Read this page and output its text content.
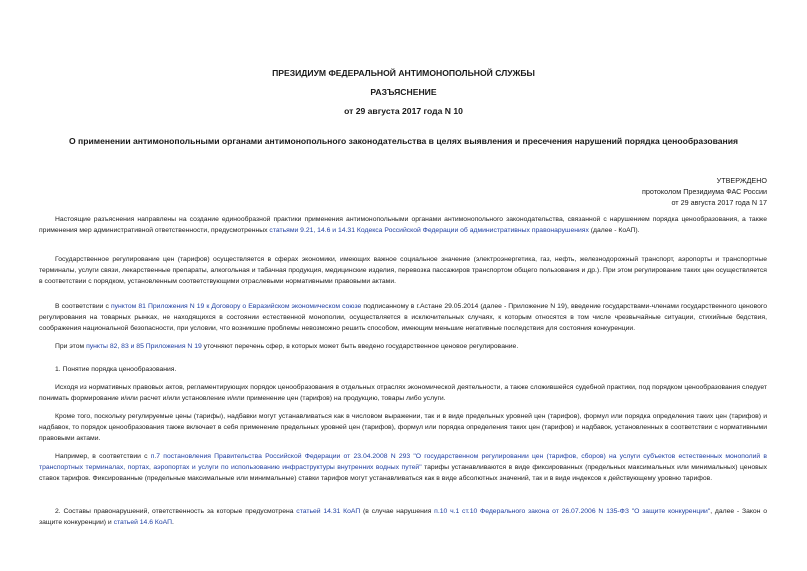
ПРЕЗИДИУМ ФЕДЕРАЛЬНОЙ АНТИМОНОПОЛЬНОЙ СЛУЖБЫ
РАЗЪЯСНЕНИЕ
от 29 августа 2017 года N 10
О применении антимонопольными органами антимонопольного законодательства в целях выявления и пресечения нарушений порядка ценообразования
УТВЕРЖДЕНО
протоколом Президиума ФАС России
от 29 августа 2017 года N 17

Настоящие разъяснения направлены на создание единообразной практики применения антимонопольными органами антимонопольного законодательства, связанной с нарушением порядка ценообразования, а также применения мер административной ответственности, предусмотренных статьями 9.21, 14.6 и 14.31 Кодекса Российской Федерации об административных правонарушениях (далее - КоАП).

Государственное регулирование цен (тарифов) осуществляется в сферах экономики, имеющих важное социальное значение (электроэнергетика, газ, нефть, железнодорожный транспорт, аэропорты и транспортные терминалы, услуги связи, лекарственные препараты, алкогольная и табачная продукция, медицинские изделия, перевозка пассажиров транспортом общего пользования и др.). При этом регулирование таких цен осуществляется в соответствии с порядком, установленным соответствующими отраслевыми нормативными правовыми актами.

В соответствии с пунктом 81 Приложения N 19 к Договору о Евразийском экономическом союзе подписанному в г.Астане 29.05.2014 (далее - Приложение N 19), введение государствами-членами государственного ценового регулирования на товарных рынках, не находящихся в состоянии естественной монополии, осуществляется в исключительных случаях, к которым относятся в том числе чрезвычайные ситуации, стихийные бедствия, соображения национальной безопасности, при условии, что возникшие проблемы невозможно решить способом, имеющим меньшие негативные последствия для состояния конкуренции.

При этом пункты 82, 83 и 85 Приложения N 19 уточняют перечень сфер, в которых может быть введено государственное ценовое регулирование.

1. Понятие порядка ценообразования.

Исходя из нормативных правовых актов, регламентирующих порядок ценообразования в отдельных отраслях экономической деятельности, а также сложившейся судебной практики, под порядком ценообразования следует понимать формирование и/или расчет и/или установление и/или применение цен (тарифов) на продукцию, товары либо услуги.

Кроме того, поскольку регулируемые цены (тарифы), надбавки могут устанавливаться как в числовом выражении, так и в виде предельных уровней цен (тарифов), формул или порядка определения таких цен (тарифов) и надбавок, то порядок ценообразования также включает в себя применение предельных уровней цен (тарифов), формул или порядка определения таких цен (тарифов) и надбавок, установленных в соответствии с нормативными правовыми актами.

Например, в соответствии с п.7 постановления Правительства Российской Федерации от 23.04.2008 N 293 "О государственном регулировании цен (тарифов, сборов) на услуги субъектов естественных монополий в транспортных терминалах, портах, аэропортах и услуги по использованию инфраструктуры внутренних водных путей" тарифы устанавливаются в виде фиксированных (предельных максимальных или минимальных) ценовых ставок тарифов. Фиксированные (предельные максимальные или минимальные) ставки тарифов могут устанавливаться как в виде абсолютных значений, так и в виде индексов к действующему уровню тарифов.

2. Составы правонарушений, ответственность за которые предусмотрена статьей 14.31 КоАП (в случае нарушения п.10 ч.1 ст.10 Федерального закона от 26.07.2006 N 135-ФЗ "О защите конкуренции", далее - Закон о защите конкуренции) и статьей 14.6 КоАП.
